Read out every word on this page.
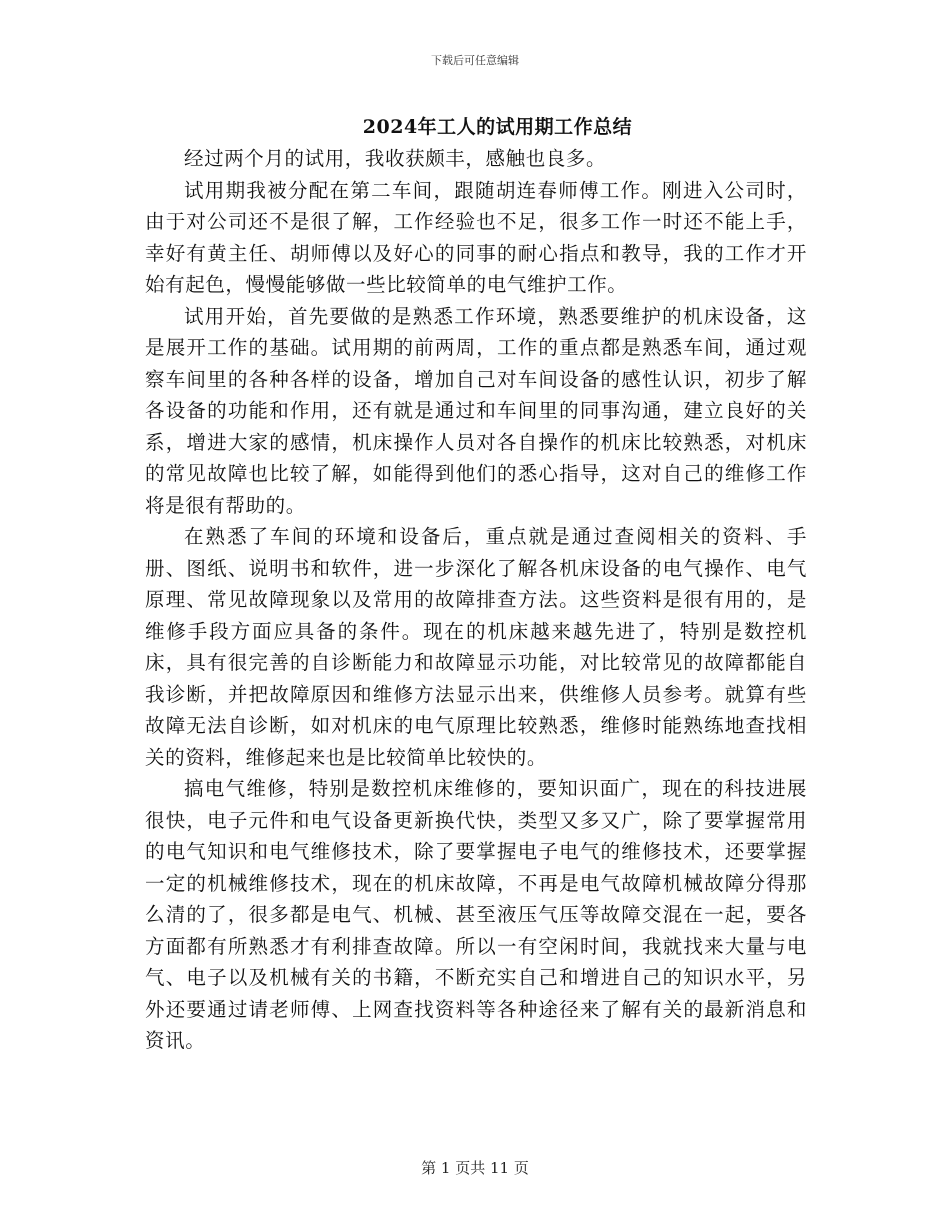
下载后可任意编辑
2024年工人的试用期工作总结

经过两个月的试用，我收获颇丰，感触也良多。

试用期我被分配在第二车间，跟随胡连春师傅工作。刚进入公司时，由于对公司还不是很了解，工作经验也不足，很多工作一时还不能上手，幸好有黄主任、胡师傅以及好心的同事的耐心指点和教导，我的工作才开始有起色，慢慢能够做一些比较简单的电气维护工作。

试用开始，首先要做的是熟悉工作环境，熟悉要维护的机床设备，这是展开工作的基础。试用期的前两周，工作的重点都是熟悉车间，通过观察车间里的各种各样的设备，增加自己对车间设备的感性认识，初步了解各设备的功能和作用，还有就是通过和车间里的同事沟通，建立良好的关系，增进大家的感情，机床操作人员对各自操作的机床比较熟悉，对机床的常见故障也比较了解，如能得到他们的悉心指导，这对自己的维修工作将是很有帮助的。

在熟悉了车间的环境和设备后，重点就是通过查阅相关的资料、手册、图纸、说明书和软件，进一步深化了解各机床设备的电气操作、电气原理、常见故障现象以及常用的故障排查方法。这些资料是很有用的，是维修手段方面应具备的条件。现在的机床越来越先进了，特别是数控机床，具有很完善的自诊断能力和故障显示功能，对比较常见的故障都能自我诊断，并把故障原因和维修方法显示出来，供维修人员参考。就算有些故障无法自诊断，如对机床的电气原理比较熟悉，维修时能熟练地查找相关的资料，维修起来也是比较简单比较快的。

搞电气维修，特别是数控机床维修的，要知识面广，现在的科技进展很快，电子元件和电气设备更新换代快，类型又多又广，除了要掌握常用的电气知识和电气维修技术，除了要掌握电子电气的维修技术，还要掌握一定的机械维修技术，现在的机床故障，不再是电气故障机械故障分得那么清的了，很多都是电气、机械、甚至液压气压等故障交混在一起，要各方面都有所熟悉才有利排查故障。所以一有空闲时间，我就找来大量与电气、电子以及机械有关的书籍，不断充实自己和增进自己的知识水平，另外还要通过请老师傅、上网查找资料等各种途径来了解有关的最新消息和资讯。

第 1 页共 11 页
